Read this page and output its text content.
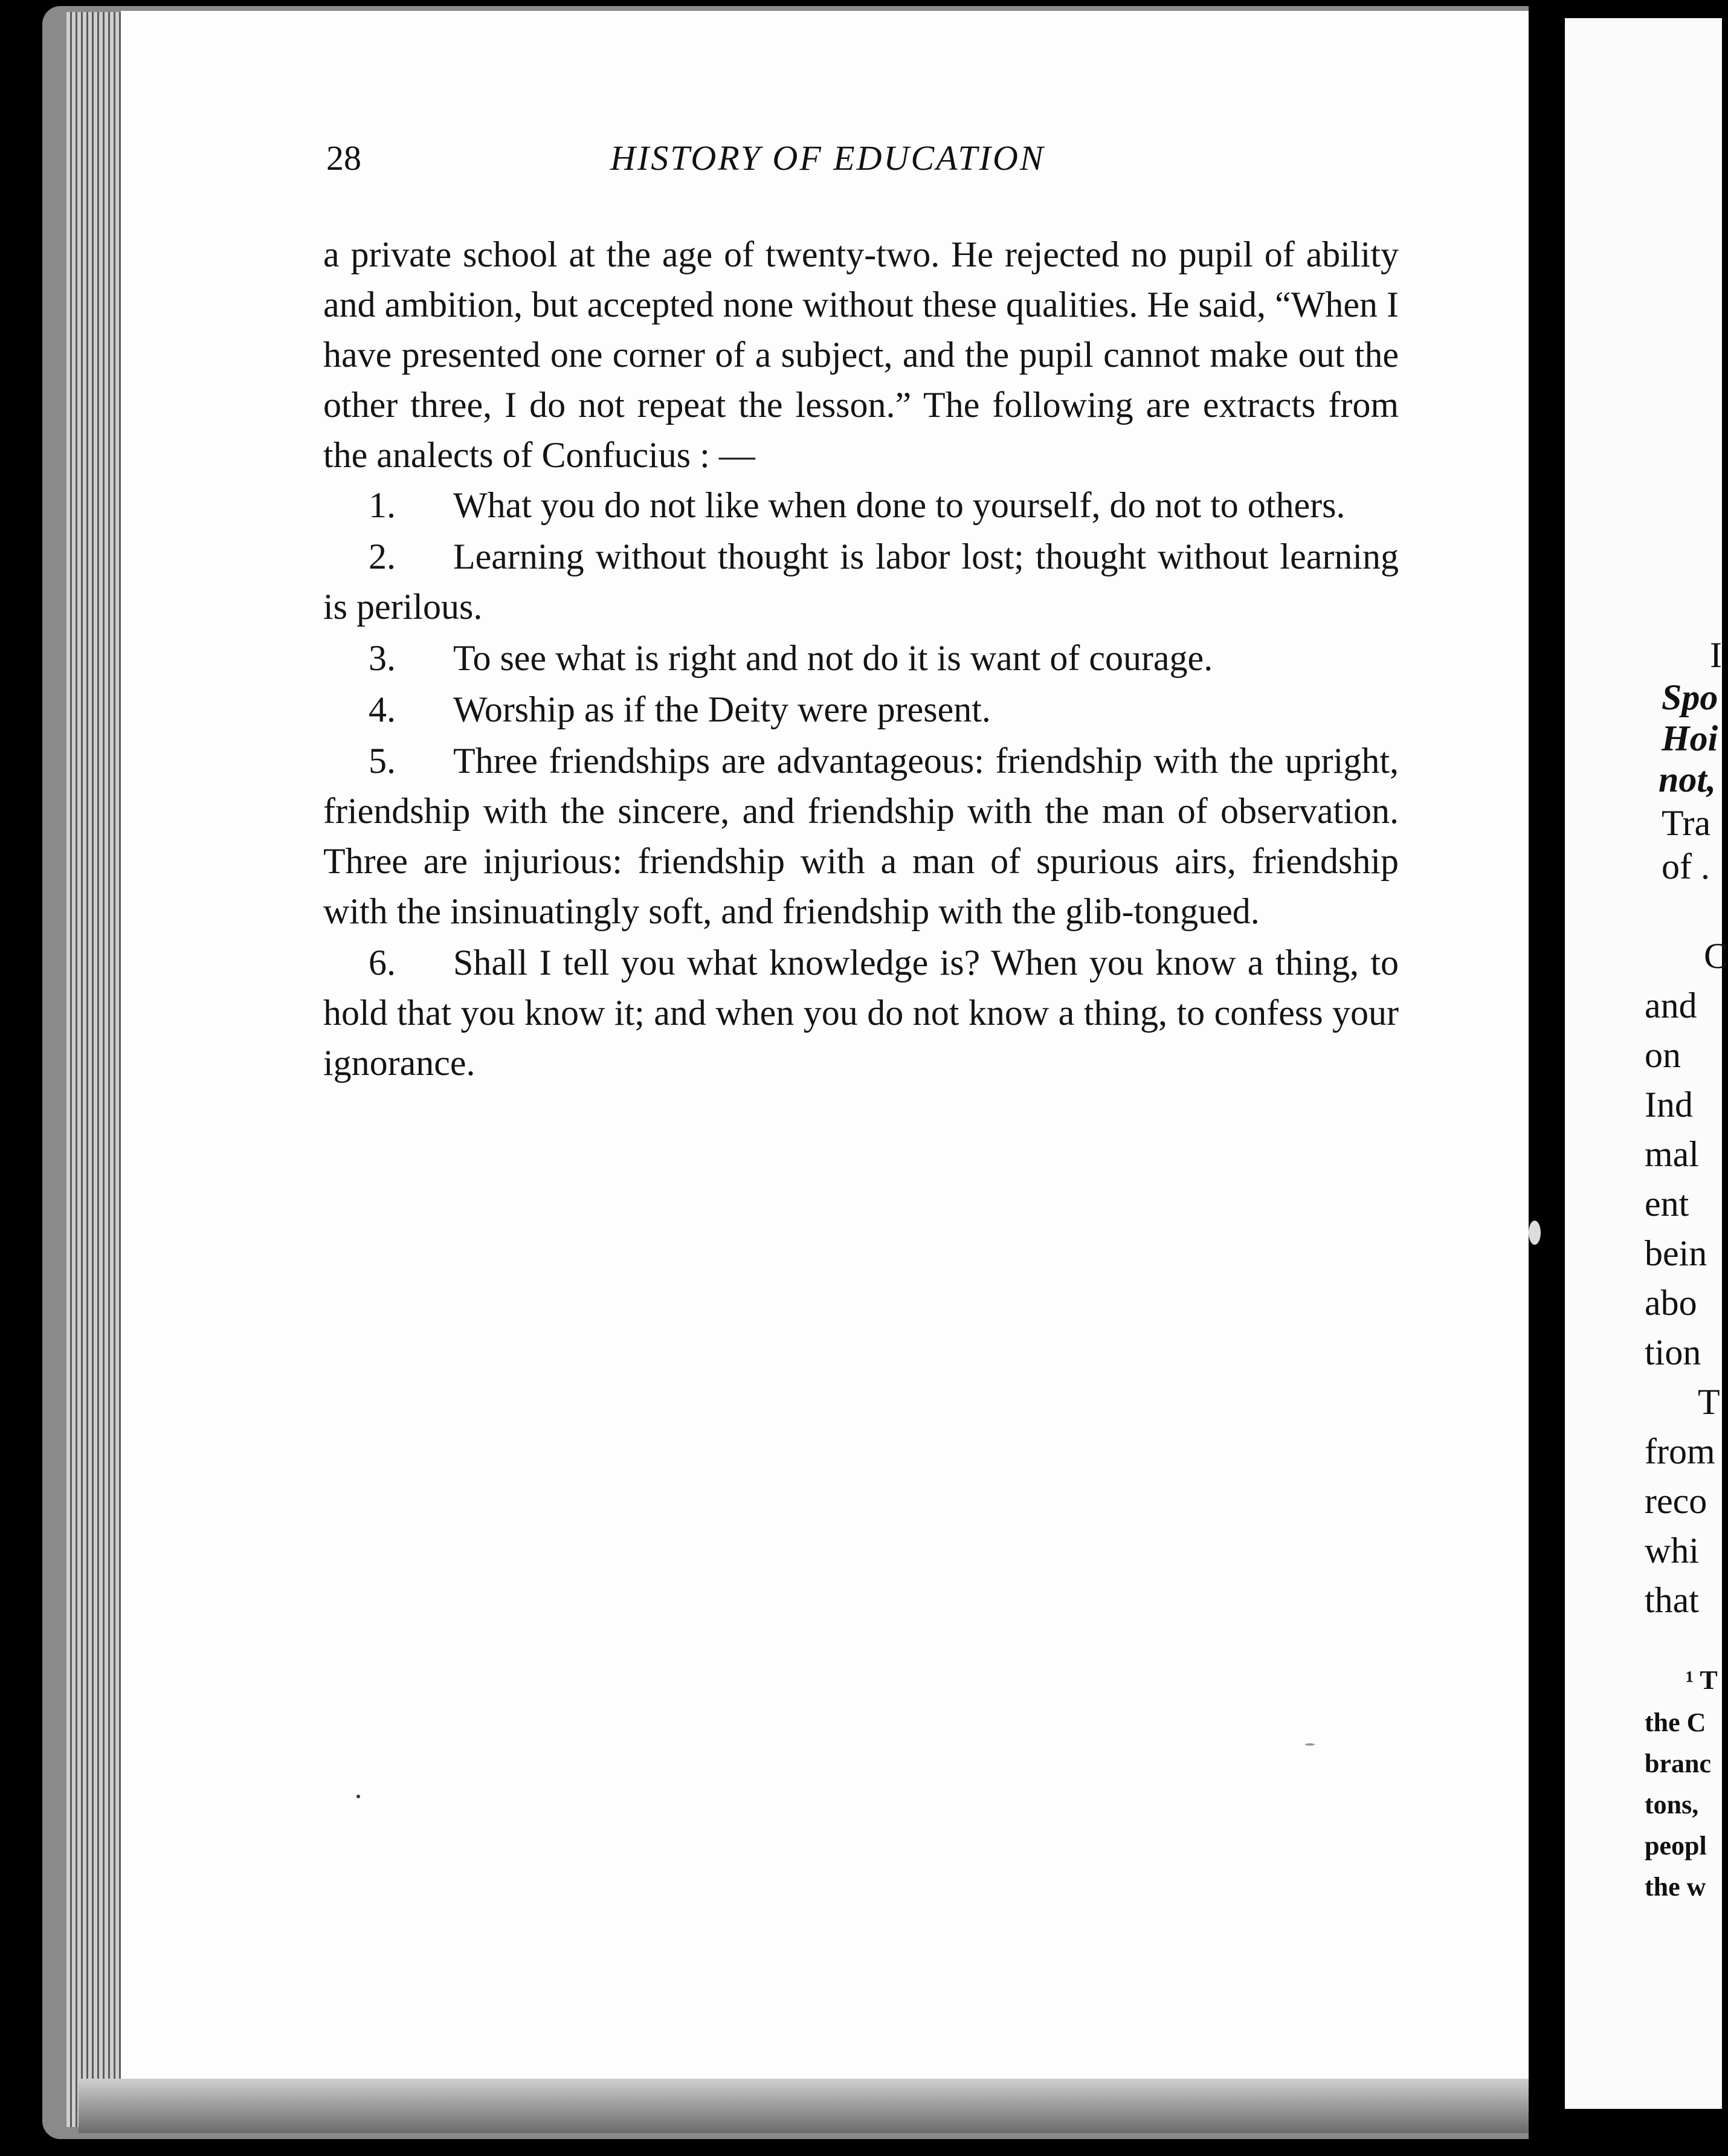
28	HISTORY OF EDUCATION

a private school at the age of twenty-two. He rejected no pupil of ability and ambition, but accepted none without these qualities. He said, “When I have presented one corner of a subject, and the pupil cannot make out the other three, I do not repeat the lesson.” The following are extracts from the analects of Confucius : —

1. What you do not like when done to yourself, do not to others.

2. Learning without thought is labor lost; thought without learning is perilous.

3. To see what is right and not do it is want of courage.

4. Worship as if the Deity were present.

5. Three friendships are advantageous: friendship with the upright, friendship with the sincere, and friendship with the man of observation. Three are injurious: friendship with a man of spurious airs, friendship with the insinuatingly soft, and friendship with the glib-tongued.

6. Shall I tell you what knowledge is? When you know a thing, to hold that you know it; and when you do not know a thing, to confess your ignorance.

I
Spo
Hoi
not,
Tra
of .
C
and
on
Ind
mal
ent
bein
abo
tion
T
from
reco
whi
that
¹ T
the C
branc
tons,
peopl
the w
